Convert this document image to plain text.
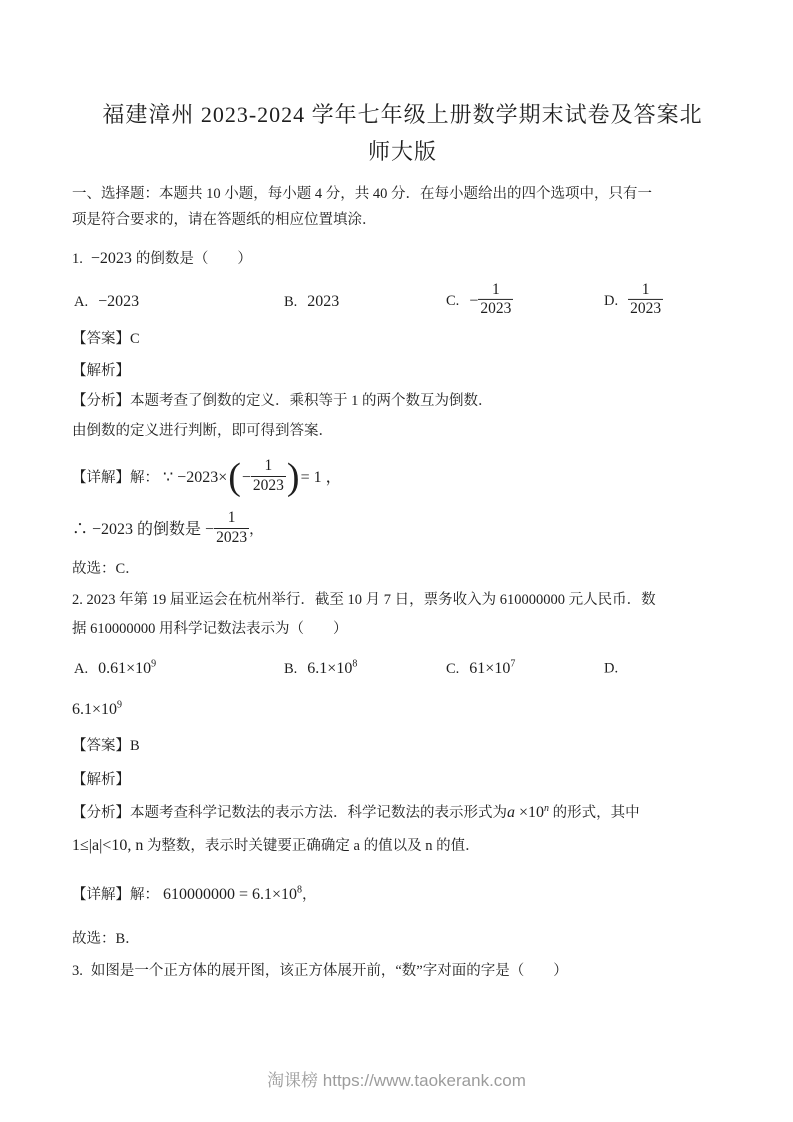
福建漳州 2023-2024 学年七年级上册数学期末试卷及答案北
师大版

一、选择题：本题共 10 小题，每小题 4 分，共 40 分．在每小题给出的四个选项中，只有一
项是符合要求的，请在答题纸的相应位置填涂．

1. −2023 的倒数是（　　）

A. −2023	B. 2023	C. − $\frac{1}{2023}$	D. $\frac{1}{2023}$

【答案】C

【解析】

【分析】本题考查了倒数的定义．乘积等于 1 的两个数互为倒数．

由倒数的定义进行判断，即可得到答案．

【详解】 解： ∵ −2023× ( − $\frac{1}{2023}$ ) = 1 ，
∴ −2023 的倒数是 − $\frac{1}{2023}$ ，

故选：C．

2. 2023 年第 19 届亚运会在杭州举行．截至 10 月 7 日，票务收入为 610000000 元人民币．数
据 610000000 用科学记数法表示为（　　）

A. $0.61\times 10^9$	B. $6.1\times 10^8$	C. $61\times 10^7$	D.

$6.1\times 10^9$

【答案】B

【解析】

【分析】本题考查科学记数法的表示方法．科学记数法的表示形式为$a \times 10^n$ 的形式，其中

1≤|a|<10, n 为整数，表示时关键要正确确定 a 的值以及 n 的值．

【详解】解： $610000000 = 6.1\times 10^8$，

故选：B．

3. 如图是一个正方体的展开图，该正方体展开前，“数”字对面的字是（　　）

淘课榜 https://www.taokerank.com
